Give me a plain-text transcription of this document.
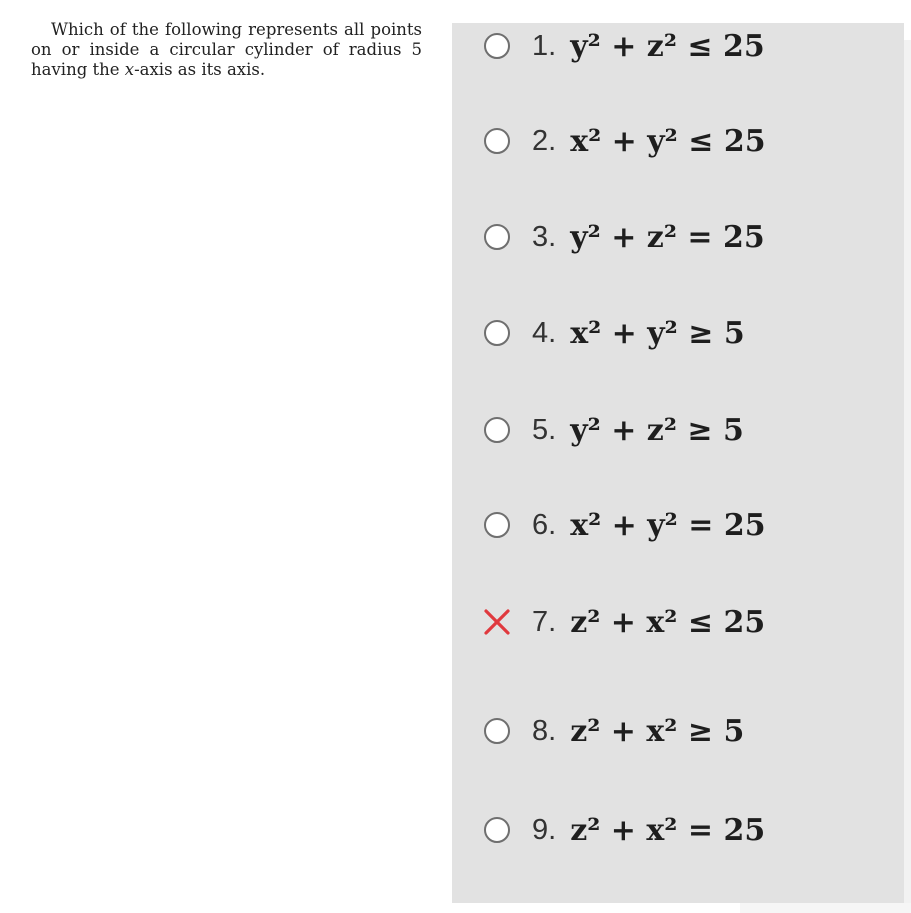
Which of the following represents all points on or inside a circular cylinder of radius 5 having the x-axis as its axis.
1. y² + z² ≤ 25
2. x² + y² ≤ 25
3. y² + z² = 25
4. x² + y² ≥ 5
5. y² + z² ≥ 5
6. x² + y² = 25
7. z² + x² ≤ 25
8. z² + x² ≥ 5
9. z² + x² = 25
